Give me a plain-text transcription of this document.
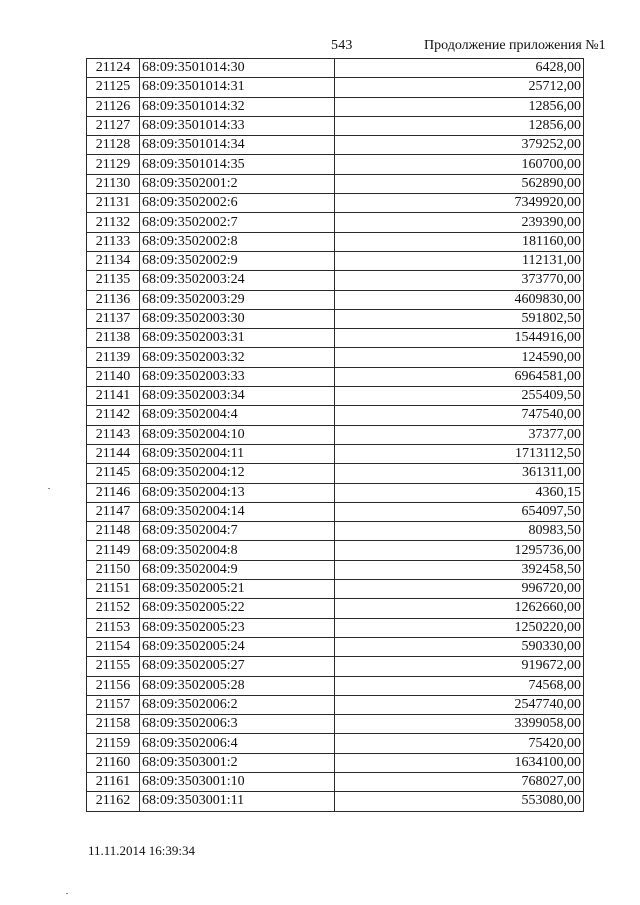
543	Продолжение приложения №1
21124	68:09:3501014:30	6428,00
21125	68:09:3501014:31	25712,00
21126	68:09:3501014:32	12856,00
21127	68:09:3501014:33	12856,00
21128	68:09:3501014:34	379252,00
21129	68:09:3501014:35	160700,00
21130	68:09:3502001:2	562890,00
21131	68:09:3502002:6	7349920,00
21132	68:09:3502002:7	239390,00
21133	68:09:3502002:8	181160,00
21134	68:09:3502002:9	112131,00
21135	68:09:3502003:24	373770,00
21136	68:09:3502003:29	4609830,00
21137	68:09:3502003:30	591802,50
21138	68:09:3502003:31	1544916,00
21139	68:09:3502003:32	124590,00
21140	68:09:3502003:33	6964581,00
21141	68:09:3502003:34	255409,50
21142	68:09:3502004:4	747540,00
21143	68:09:3502004:10	37377,00
21144	68:09:3502004:11	1713112,50
21145	68:09:3502004:12	361311,00
21146	68:09:3502004:13	4360,15
21147	68:09:3502004:14	654097,50
21148	68:09:3502004:7	80983,50
21149	68:09:3502004:8	1295736,00
21150	68:09:3502004:9	392458,50
21151	68:09:3502005:21	996720,00
21152	68:09:3502005:22	1262660,00
21153	68:09:3502005:23	1250220,00
21154	68:09:3502005:24	590330,00
21155	68:09:3502005:27	919672,00
21156	68:09:3502005:28	74568,00
21157	68:09:3502006:2	2547740,00
21158	68:09:3502006:3	3399058,00
21159	68:09:3502006:4	75420,00
21160	68:09:3503001:2	1634100,00
21161	68:09:3503001:10	768027,00
21162	68:09:3503001:11	553080,00
11.11.2014 16:39:34
